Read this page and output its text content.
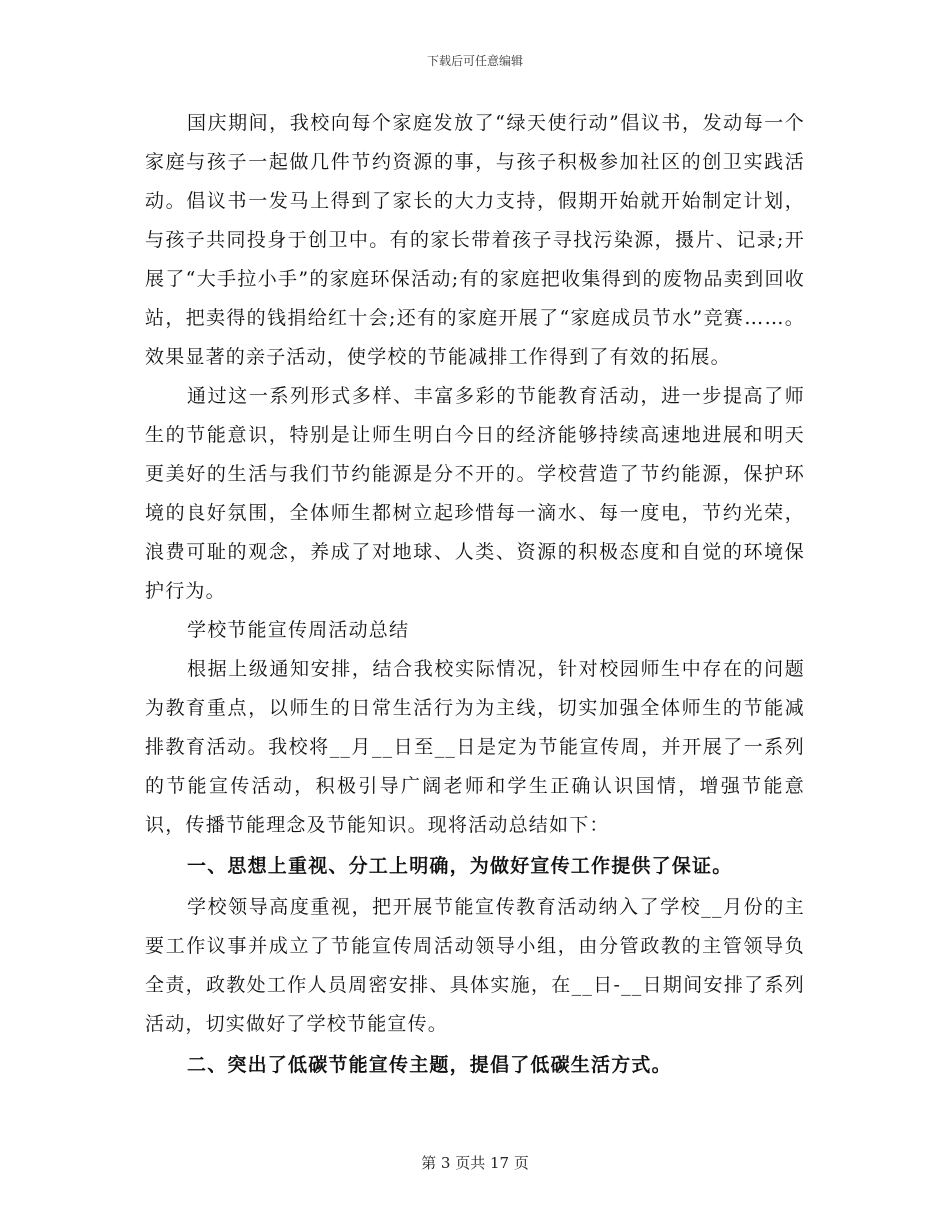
下载后可任意编辑

国庆期间，我校向每个家庭发放了“绿天使行动”倡议书，发动每一个家庭与孩子一起做几件节约资源的事，与孩子积极参加社区的创卫实践活动。倡议书一发马上得到了家长的大力支持，假期开始就开始制定计划，与孩子共同投身于创卫中。有的家长带着孩子寻找污染源，摄片、记录;开展了“大手拉小手”的家庭环保活动;有的家庭把收集得到的废物品卖到回收站，把卖得的钱捐给红十会;还有的家庭开展了“家庭成员节水”竞赛……。效果显著的亲子活动，使学校的节能减排工作得到了有效的拓展。

通过这一系列形式多样、丰富多彩的节能教育活动，进一步提高了师生的节能意识，特别是让师生明白今日的经济能够持续高速地进展和明天更美好的生活与我们节约能源是分不开的。学校营造了节约能源，保护环境的良好氛围，全体师生都树立起珍惜每一滴水、每一度电，节约光荣，浪费可耻的观念，养成了对地球、人类、资源的积极态度和自觉的环境保护行为。

学校节能宣传周活动总结

根据上级通知安排，结合我校实际情况，针对校园师生中存在的问题为教育重点，以师生的日常生活行为为主线，切实加强全体师生的节能减排教育活动。我校将__月__日至__日是定为节能宣传周，并开展了一系列的节能宣传活动，积极引导广阔老师和学生正确认识国情，增强节能意识，传播节能理念及节能知识。现将活动总结如下：

一、思想上重视、分工上明确，为做好宣传工作提供了保证。

学校领导高度重视，把开展节能宣传教育活动纳入了学校__月份的主要工作议事并成立了节能宣传周活动领导小组，由分管政教的主管领导负全责，政教处工作人员周密安排、具体实施，在__日-__日期间安排了系列活动，切实做好了学校节能宣传。

二、突出了低碳节能宣传主题，提倡了低碳生活方式。

第 3 页共 17 页
